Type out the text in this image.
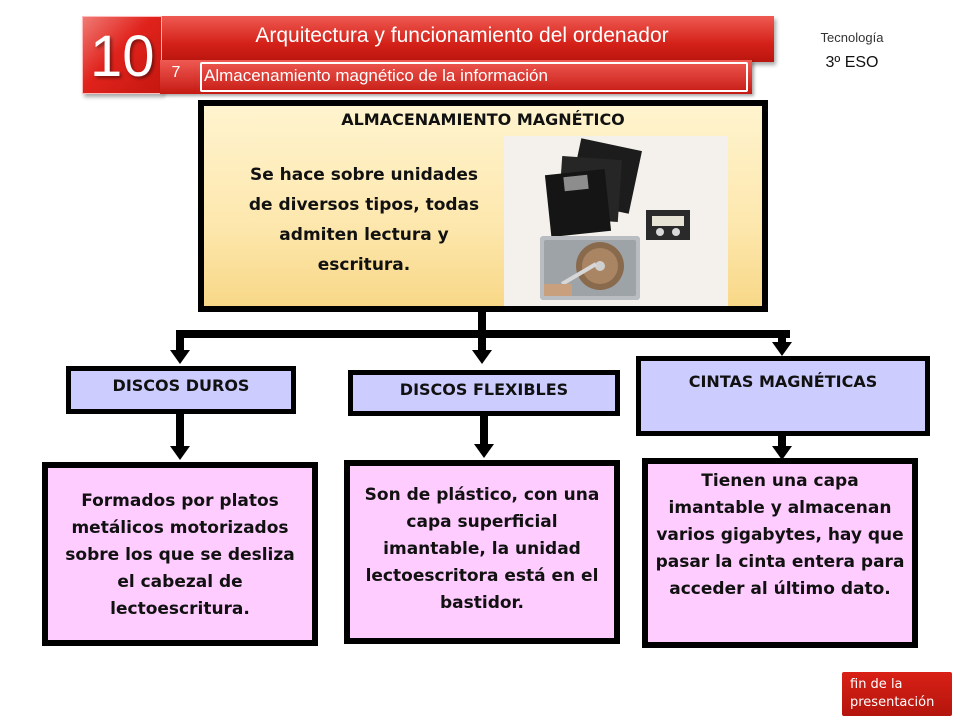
10	Arquitectura y funcionamiento del ordenador
7	Almacenamiento magnético de la información
Tecnología
3º ESO
ALMACENAMIENTO MAGNÉTICO
Se hace sobre unidades de diversos tipos, todas admiten lectura y escritura.
DISCOS DUROS	DISCOS FLEXIBLES	CINTAS MAGNÉTICAS
Formados por platos metálicos motorizados sobre los que se desliza el cabezal de lectoescritura.
Son de plástico, con una capa superficial imantable, la unidad lectoescritora está en el bastidor.
Tienen una capa imantable y almacenan varios gigabytes, hay que pasar la cinta entera para acceder al último dato.
fin de la
presentación
